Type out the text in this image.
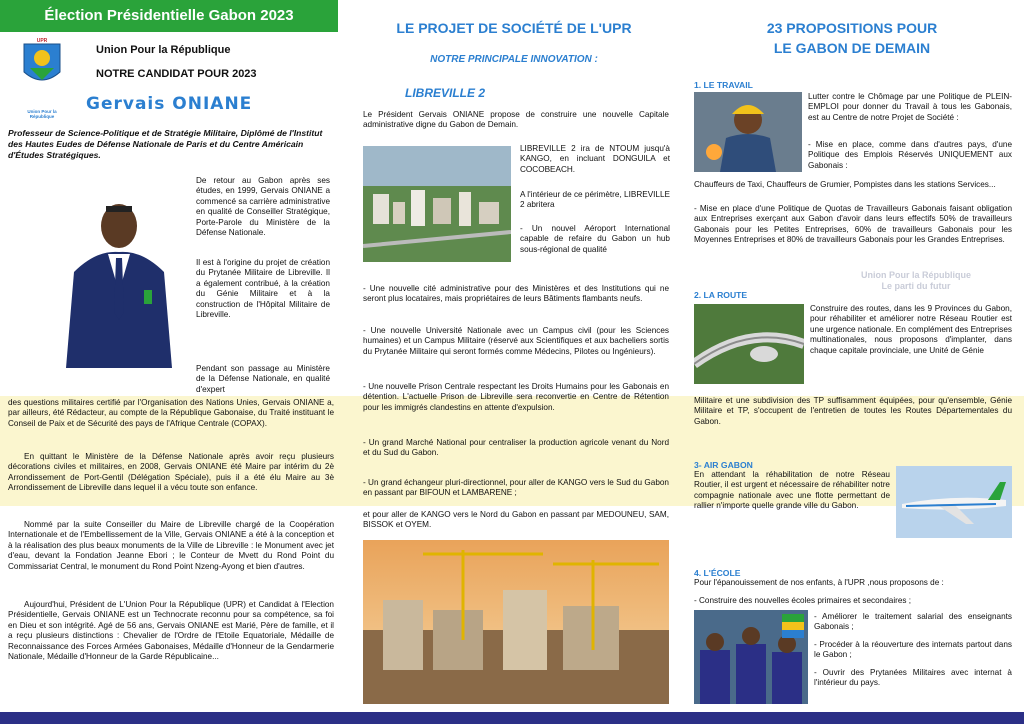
Élection Présidentielle Gabon 2023
UPR
Union Pour la République
Union Pour la République
NOTRE CANDIDAT POUR 2023
Gervais ONIANE
Professeur de Science-Politique et de Stratégie Militaire, Diplômé de l'Institut des Hautes Eudes de Défense Nationale de Paris et du Centre Américain d'Études Stratégiques.
De retour au Gabon après ses études, en 1999, Gervais ONIANE a commencé sa carrière administrative en qualité de Conseiller Stratégique, Porte-Parole du Ministère de la Défense Nationale.
Il est à l'origine du projet de création du Prytanée Militaire de Libreville. Il a également contribué, à la création du Génie Militaire et à la construction de l'Hôpital Militaire de Libreville.
Pendant son passage au Ministère de la Défense Nationale, en qualité d'expert
des questions militaires certifié par l'Organisation des Nations Unies, Gervais ONIANE a, par ailleurs, été Rédacteur, au compte de la République Gabonaise, du Traité instituant le Conseil de Paix et de Sécurité des pays de l'Afrique Centrale (COPAX).
En quittant le Ministère de la Défense Nationale après avoir reçu plusieurs décorations civiles et militaires, en 2008, Gervais ONIANE été Maire par intérim du 2è Arrondissement de Port-Gentil (Délégation Spéciale), puis il a été élu Maire au 3è Arrondissement de Libreville dans lequel il a vécu toute son enfance.
Nommé par la suite Conseiller du Maire de Libreville chargé de la Coopération Internationale et de l'Embellissement de la Ville, Gervais ONIANE a été à la conception et à la réalisation des plus beaux monuments de la Ville de Libreville : le Monument avec jet d'eau, devant la Fondation Jeanne Ebori ; le Conteur de Mvett du Rond Point du Commissariat Central, le monument du Rond Point Nzeng-Ayong et bien d'autres.
Aujourd'hui, Président de L'Union Pour la République (UPR) et Candidat à l'Election Présidentielle, Gervais ONIANE est un Technocrate reconnu pour sa compétence, sa foi en Dieu et son intégrité. Agé de 56 ans, Gervais ONIANE est Marié, Père de famille, et il a reçu plusieurs distinctions : Chevalier de l'Ordre de l'Etoile Equatoriale, Médaille de Reconnaissance des Forces Armées Gabonaises, Médaille d'Honneur de la Gendarmerie Nationale, Médaille d'Honneur de la Garde Républicaine...
LE PROJET DE SOCIÉTÉ DE L'UPR
NOTRE PRINCIPALE INNOVATION :
LIBREVILLE 2
Le Président Gervais ONIANE propose de construire une nouvelle Capitale administrative digne du Gabon de Demain.
LIBREVILLE 2 ira de NTOUM jusqu'à KANGO, en incluant DONGUILA et COCOBEACH.
A l'intérieur de ce périmètre, LIBREVILLE 2 abritera
- Un nouvel Aéroport International capable de refaire du Gabon un hub sous-régional de qualité
- Une nouvelle cité administrative pour des Ministères et des Institutions qui ne seront plus locataires, mais propriétaires de leurs Bâtiments flambants neufs.
- Une nouvelle Université Nationale avec un Campus civil (pour les Sciences humaines) et un Campus Militaire (réservé aux Scientifiques et aux bacheliers sortis du Prytanée Militaire qui seront formés comme Médecins, Pilotes ou Ingénieurs).
- Une nouvelle Prison Centrale respectant les Droits Humains pour les Gabonais en détention. L'actuelle Prison de Libreville sera reconvertie en Centre de Rétention pour les immigrés clandestins en attente d'expulsion.
- Un grand Marché National pour centraliser la production agricole venant du Nord et du Sud du Gabon.
- Un grand échangeur pluri-directionnel, pour aller de KANGO vers le Sud du Gabon en passant par BIFOUN et LAMBARENE ;
et pour aller de KANGO vers le Nord du Gabon en passant par MEDOUNEU, SAM, BISSOK et OYEM.
23 PROPOSITIONS POUR
LE GABON DE DEMAIN
1. LE TRAVAIL
Lutter contre le Chômage par une Politique de PLEIN-EMPLOI pour donner du Travail à tous les Gabonais, est au Centre de notre Projet de Société :
- Mise en place, comme dans d'autres pays, d'une Politique des Emplois Réservés UNIQUEMENT aux Gabonais :
Chauffeurs de Taxi, Chauffeurs de Grumier, Pompistes dans les stations Services...
- Mise en place d'une Politique de Quotas de Travailleurs Gabonais faisant obligation aux Entreprises exerçant aux Gabon d'avoir dans leurs effectifs 50% de travailleurs Gabonais pour les Petites Entreprises, 60% de travailleurs Gabonais pour les Moyennes Entreprises et 80% de travailleurs Gabonais pour les Grandes Entreprises.
Union Pour la République Le parti du futur
2. LA ROUTE
Construire des routes, dans les 9 Provinces du Gabon, pour réhabiliter et améliorer notre Réseau Routier est une urgence nationale. En complément des Entreprises multinationales, nous proposons d'implanter, dans chaque capitale provinciale, une Unité de Génie
Militaire et une subdivision des TP suffisamment équipées, pour qu'ensemble, Génie Militaire et TP, s'occupent de l'entretien de toutes les Routes Départementales du Gabon.
3- AIR GABON
En attendant la réhabilitation de notre Réseau Routier, il est urgent et nécessaire de réhabiliter notre compagnie nationale avec une flotte permettant de rallier n'importe quelle grande ville du Gabon.
4. L'ÉCOLE
Pour l'épanouissement de nos enfants, à l'UPR ,nous proposons de :
- Construire des nouvelles écoles primaires et secondaires ;
- Améliorer le traitement salarial des enseignants Gabonais ;
- Procéder à la réouverture des internats partout dans le Gabon ;
- Ouvrir des Prytanées Militaires avec internat à l'intérieur du pays.
